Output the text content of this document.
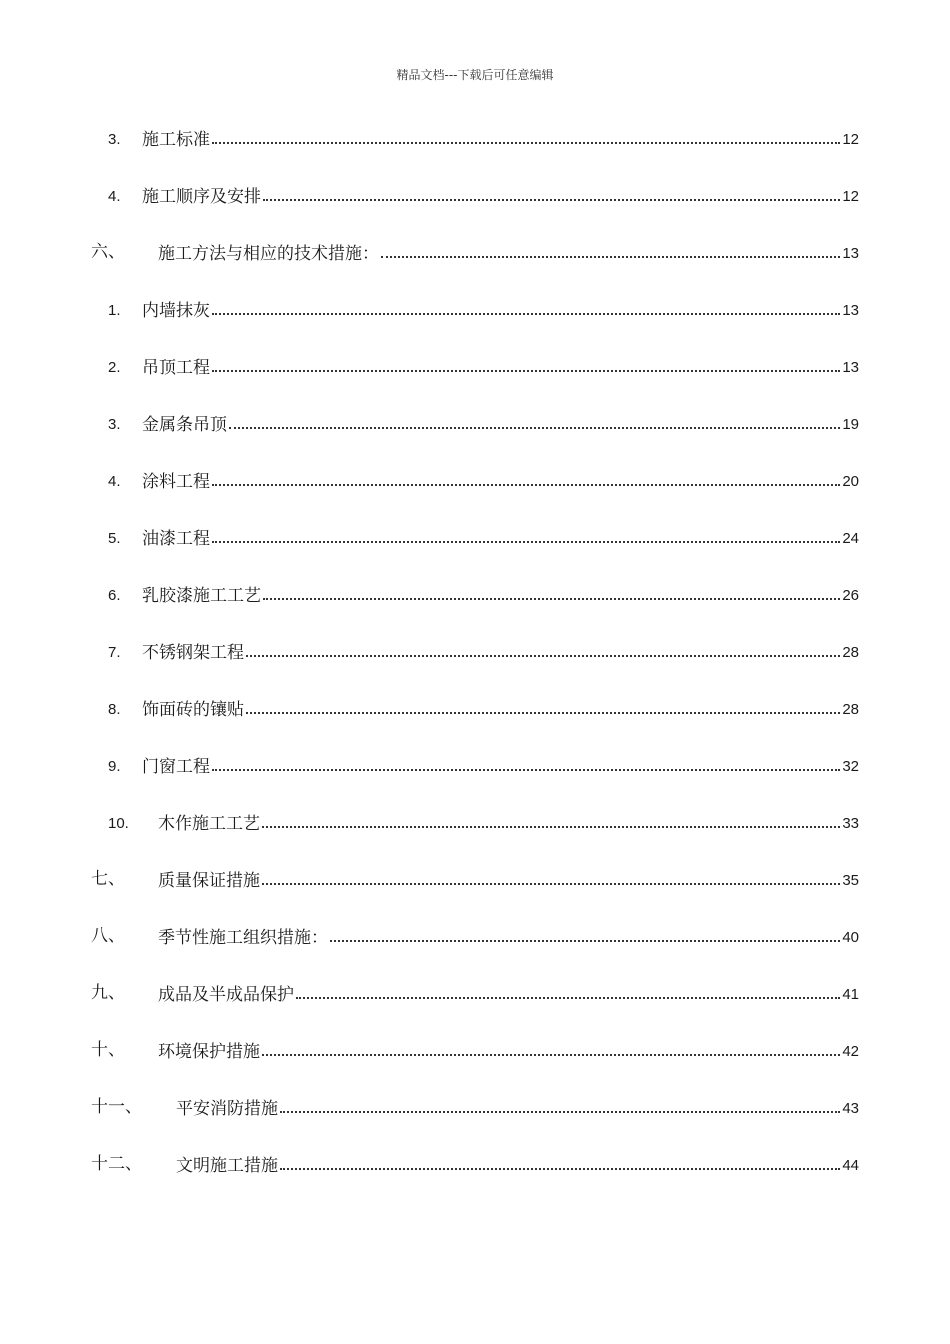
精品文档---下载后可任意编辑
3. 施工标准	12
4. 施工顺序及安排	12
六、 施工方法与相应的技术措施：	13
1. 内墙抹灰	13
2. 吊顶工程	13
3. 金属条吊顶	19
4. 涂料工程	20
5. 油漆工程	24
6. 乳胶漆施工工艺	26
7. 不锈钢架工程	28
8. 饰面砖的镶贴	28
9. 门窗工程	32
10. 木作施工工艺	33
七、 质量保证措施	35
八、 季节性施工组织措施：	40
九、 成品及半成品保护	41
十、 环境保护措施	42
十一、 平安消防措施	43
十二、 文明施工措施	44
